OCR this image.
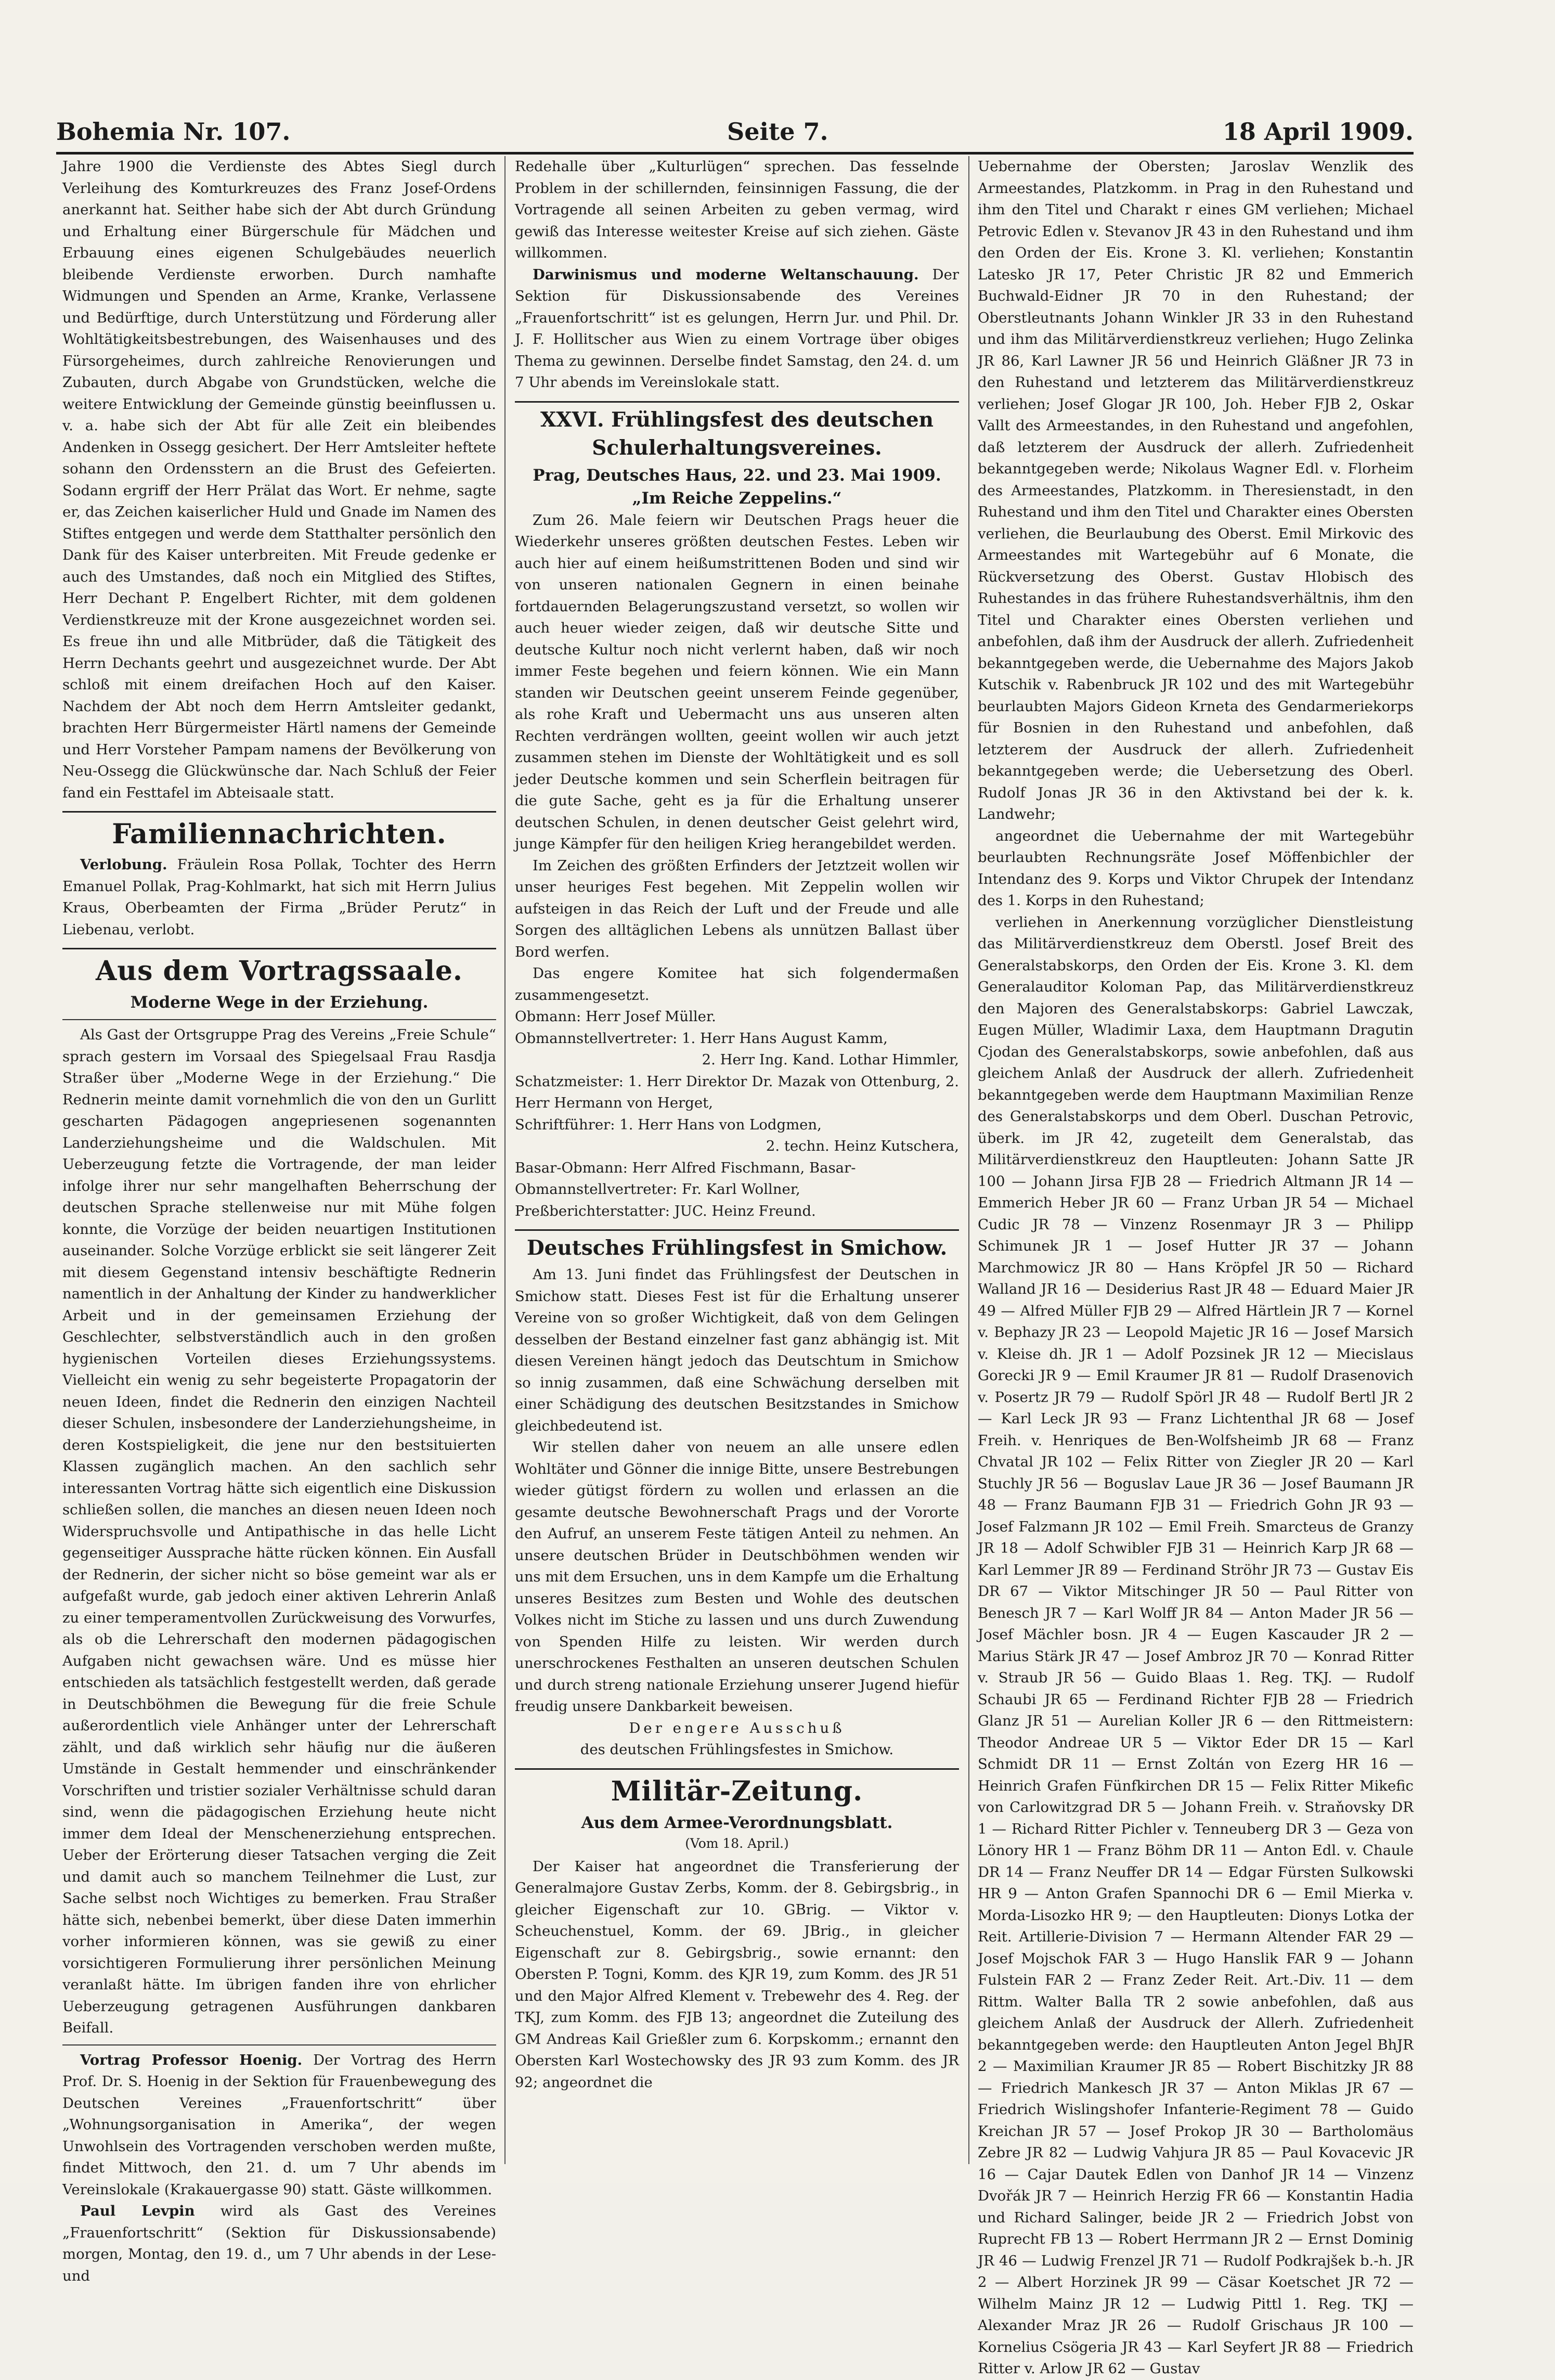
Bohemia Nr. 107.	Seite 7.	18 April 1909.

Jahre 1900 die Verdienste des Abtes Siegl durch Verleihung des Komturkreuzes des Franz Josef-Ordens anerkannt hat. Seither habe sich der Abt durch Gründung und Erhaltung einer Bürgerschule für Mädchen und Erbauung eines eigenen Schulgebäudes neuerlich bleibende Verdienste erworben. Durch namhafte Widmungen und Spenden an Arme, Kranke, Verlassene und Bedürftige, durch Unterstützung und Förderung aller Wohltätigkeitsbestrebungen, des Waisenhauses und des Fürsorgeheimes, durch zahlreiche Renovierungen und Zubauten, durch Abgabe von Grundstücken, welche die weitere Entwicklung der Gemeinde günstig beeinflussen u. v. a. habe sich der Abt für alle Zeit ein bleibendes Andenken in Ossegg gesichert. Der Herr Amtsleiter heftete sohann den Ordensstern an die Brust des Gefeierten. Sodann ergriff der Herr Prälat das Wort. Er nehme, sagte er, das Zeichen kaiserlicher Huld und Gnade im Namen des Stiftes entgegen und werde dem Statthalter persönlich den Dank für des Kaiser unterbreiten. Mit Freude gedenke er auch des Umstandes, daß noch ein Mitglied des Stiftes, Herr Dechant P. Engelbert Richter, mit dem goldenen Verdienstkreuze mit der Krone ausgezeichnet worden sei. Es freue ihn und alle Mitbrüder, daß die Tätigkeit des Herrn Dechants geehrt und ausgezeichnet wurde. Der Abt schloß mit einem dreifachen Hoch auf den Kaiser. Nachdem der Abt noch dem Herrn Amtsleiter gedankt, brachten Herr Bürgermeister Härtl namens der Gemeinde und Herr Vorsteher Pampam namens der Bevölkerung von Neu-Ossegg die Glückwünsche dar. Nach Schluß der Feier fand ein Festtafel im Abteisaale statt.

Familiennachrichten.

Verlobung. Fräulein Rosa Pollak, Tochter des Herrn Emanuel Pollak, Prag-Kohlmarkt, hat sich mit Herrn Julius Kraus, Oberbeamten der Firma „Brüder Perutz“ in Liebenau, verlobt.

Aus dem Vortragssaale.
Moderne Wege in der Erziehung.

Als Gast der Ortsgruppe Prag des Vereins „Freie Schule“ sprach gestern im Vorsaal des Spiegelsaal Frau Rasdja Straßer über „Moderne Wege in der Erziehung.“ Die Rednerin meinte damit vornehmlich die von den un Gurlitt gescharten Pädagogen angepriesenen sogenannten Landerziehungsheime und die Waldschulen. Mit Ueberzeugung fetzte die Vortragende, der man leider infolge ihrer nur sehr mangelhaften Beherrschung der deutschen Sprache stellenweise nur mit Mühe folgen konnte, die Vorzüge der beiden neuartigen Institutionen auseinander. Solche Vorzüge erblickt sie seit längerer Zeit mit diesem Gegenstand intensiv beschäftigte Rednerin namentlich in der Anhaltung der Kinder zu handwerklicher Arbeit und in der gemeinsamen Erziehung der Geschlechter, selbstverständlich auch in den großen hygienischen Vorteilen dieses Erziehungssystems. Vielleicht ein wenig zu sehr begeisterte Propagatorin der neuen Ideen, findet die Rednerin den einzigen Nachteil dieser Schulen, insbesondere der Landerziehungsheime, in deren Kostspieligkeit, die jene nur den bestsituierten Klassen zugänglich machen. An den sachlich sehr interessanten Vortrag hätte sich eigentlich eine Diskussion schließen sollen, die manches an diesen neuen Ideen noch Widerspruchsvolle und Antipathische in das helle Licht gegenseitiger Aussprache hätte rücken können. Ein Ausfall der Rednerin, der sicher nicht so böse gemeint war als er aufgefaßt wurde, gab jedoch einer aktiven Lehrerin Anlaß zu einer temperamentvollen Zurückweisung des Vorwurfes, als ob die Lehrerschaft den modernen pädagogischen Aufgaben nicht gewachsen wäre. Und es müsse hier entschieden als tatsächlich festgestellt werden, daß gerade in Deutschböhmen die Bewegung für die freie Schule außerordentlich viele Anhänger unter der Lehrerschaft zählt, und daß wirklich sehr häufig nur die äußeren Umstände in Gestalt hemmender und einschränkender Vorschriften und tristier sozialer Verhältnisse schuld daran sind, wenn die pädagogischen Erziehung heute nicht immer dem Ideal der Menschenerziehung entsprechen. Ueber der Erörterung dieser Tatsachen verging die Zeit und damit auch so manchem Teilnehmer die Lust, zur Sache selbst noch Wichtiges zu bemerken. Frau Straßer hätte sich, nebenbei bemerkt, über diese Daten immerhin vorher informieren können, was sie gewiß zu einer vorsichtigeren Formulierung ihrer persönlichen Meinung veranlaßt hätte. Im übrigen fanden ihre von ehrlicher Ueberzeugung getragenen Ausführungen dankbaren Beifall.

Vortrag Professor Hoenig. Der Vortrag des Herrn Prof. Dr. S. Hoenig in der Sektion für Frauenbewegung des Deutschen Vereines „Frauenfortschritt“ über „Wohnungsorganisation in Amerika“, der wegen Unwohlsein des Vortragenden verschoben werden mußte, findet Mittwoch, den 21. d. um 7 Uhr abends im Vereinslokale (Krakauergasse 90) statt. Gäste willkommen.

Paul Levpin wird als Gast des Vereines „Frauenfortschritt“ (Sektion für Diskussionsabende) morgen, Montag, den 19. d., um 7 Uhr abends in der Lese- und

Redehalle über „Kulturlügen“ sprechen. Das fesselnde Problem in der schillernden, feinsinnigen Fassung, die der Vortragende all seinen Arbeiten zu geben vermag, wird gewiß das Interesse weitester Kreise auf sich ziehen. Gäste willkommen.

Darwinismus und moderne Weltanschauung. Der Sektion für Diskussionsabende des Vereines „Frauenfortschritt“ ist es gelungen, Herrn Jur. und Phil. Dr. J. F. Hollitscher aus Wien zu einem Vortrage über obiges Thema zu gewinnen. Derselbe findet Samstag, den 24. d. um 7 Uhr abends im Vereinslokale statt.

XXVI. Frühlingsfest des deutschen Schulerhaltungsvereines.
Prag, Deutsches Haus, 22. und 23. Mai 1909.
„Im Reiche Zeppelins.“

Zum 26. Male feiern wir Deutschen Prags heuer die Wiederkehr unseres größten deutschen Festes. Leben wir auch hier auf einem heißumstrittenen Boden und sind wir von unseren nationalen Gegnern in einen beinahe fortdauernden Belagerungszustand versetzt, so wollen wir auch heuer wieder zeigen, daß wir deutsche Sitte und deutsche Kultur noch nicht verlernt haben, daß wir noch immer Feste begehen und feiern können. Wie ein Mann standen wir Deutschen geeint unserem Feinde gegenüber, als rohe Kraft und Uebermacht uns aus unseren alten Rechten verdrängen wollten, geeint wollen wir auch jetzt zusammen stehen im Dienste der Wohltätigkeit und es soll jeder Deutsche kommen und sein Scherflein beitragen für die gute Sache, geht es ja für die Erhaltung unserer deutschen Schulen, in denen deutscher Geist gelehrt wird, junge Kämpfer für den heiligen Krieg herangebildet werden.

Im Zeichen des größten Erfinders der Jetztzeit wollen wir unser heuriges Fest begehen. Mit Zeppelin wollen wir aufsteigen in das Reich der Luft und der Freude und alle Sorgen des alltäglichen Lebens als unnützen Ballast über Bord werfen.

Das engere Komitee hat sich folgendermaßen zusammengesetzt.

Obmann: Herr Josef Müller.

Obmannstellvertreter: 1. Herr Hans August Kamm,

2. Herr Ing. Kand. Lothar Himmler,

Schatzmeister: 1. Herr Direktor Dr. Mazak von Ottenburg, 2. Herr Hermann von Herget,

Schriftführer: 1. Herr Hans von Lodgmen,

2. techn. Heinz Kutschera,

Basar-Obmann: Herr Alfred Fischmann, Basar-

Obmannstellvertreter: Fr. Karl Wollner,

Preßberichterstatter: JUC. Heinz Freund.

Deutsches Frühlingsfest in Smichow.

Am 13. Juni findet das Frühlingsfest der Deutschen in Smichow statt. Dieses Fest ist für die Erhaltung unserer Vereine von so großer Wichtigkeit, daß von dem Gelingen desselben der Bestand einzelner fast ganz abhängig ist. Mit diesen Vereinen hängt jedoch das Deutschtum in Smichow so innig zusammen, daß eine Schwächung derselben mit einer Schädigung des deutschen Besitzstandes in Smichow gleichbedeutend ist.

Wir stellen daher von neuem an alle unsere edlen Wohltäter und Gönner die innige Bitte, unsere Bestrebungen wieder gütigst fördern zu wollen und erlassen an die gesamte deutsche Bewohnerschaft Prags und der Vororte den Aufruf, an unserem Feste tätigen Anteil zu nehmen. An unsere deutschen Brüder in Deutschböhmen wenden wir uns mit dem Ersuchen, uns in dem Kampfe um die Erhaltung unseres Besitzes zum Besten und Wohle des deutschen Volkes nicht im Stiche zu lassen und uns durch Zuwendung von Spenden Hilfe zu leisten. Wir werden durch unerschrockenes Festhalten an unseren deutschen Schulen und durch streng nationale Erziehung unserer Jugend hiefür freudig unsere Dankbarkeit beweisen.

Der engere Ausschuß

des deutschen Frühlingsfestes in Smichow.

Militär-Zeitung.
Aus dem Armee-Verordnungsblatt.
(Vom 18. April.)

Der Kaiser hat angeordnet die Transferierung der Generalmajore Gustav Zerbs, Komm. der 8. Gebirgsbrig., in gleicher Eigenschaft zur 10. GBrig. — Viktor v. Scheuchenstuel, Komm. der 69. JBrig., in gleicher Eigenschaft zur 8. Gebirgsbrig., sowie ernannt: den Obersten P. Togni, Komm. des KJR 19, zum Komm. des JR 51 und den Major Alfred Klement v. Trebewehr des 4. Reg. der TKJ, zum Komm. des FJB 13; angeordnet die Zuteilung des GM Andreas Kail Grießler zum 6. Korpskomm.; ernannt den Obersten Karl Wostechowsky des JR 93 zum Komm. des JR 92; angeordnet die

Uebernahme der Obersten; Jaroslav Wenzlik des Armeestandes, Platzkomm. in Prag in den Ruhestand und ihm den Titel und Charakt r eines GM verliehen; Michael Petrovic Edlen v. Stevanov JR 43 in den Ruhestand und ihm den Orden der Eis. Krone 3. Kl. verliehen; Konstantin Latesko JR 17, Peter Christic JR 82 und Emmerich Buchwald-Eidner JR 70 in den Ruhestand; der Oberstleutnants Johann Winkler JR 33 in den Ruhestand und ihm das Militärverdienstkreuz verliehen; Hugo Zelinka JR 86, Karl Lawner JR 56 und Heinrich Gläßner JR 73 in den Ruhestand und letzterem das Militärverdienstkreuz verliehen; Josef Glogar JR 100, Joh. Heber FJB 2, Oskar Vallt des Armeestandes, in den Ruhestand und angefohlen, daß letzterem der Ausdruck der allerh. Zufriedenheit bekanntgegeben werde; Nikolaus Wagner Edl. v. Florheim des Armeestandes, Platzkomm. in Theresienstadt, in den Ruhestand und ihm den Titel und Charakter eines Obersten verliehen, die Beurlaubung des Oberst. Emil Mirkovic des Armeestandes mit Wartegebühr auf 6 Monate, die Rückversetzung des Oberst. Gustav Hlobisch des Ruhestandes in das frühere Ruhestandsverhältnis, ihm den Titel und Charakter eines Obersten verliehen und anbefohlen, daß ihm der Ausdruck der allerh. Zufriedenheit bekanntgegeben werde, die Uebernahme des Majors Jakob Kutschik v. Rabenbruck JR 102 und des mit Wartegebühr beurlaubten Majors Gideon Krneta des Gendarmeriekorps für Bosnien in den Ruhestand und anbefohlen, daß letzterem der Ausdruck der allerh. Zufriedenheit bekanntgegeben werde; die Uebersetzung des Oberl. Rudolf Jonas JR 36 in den Aktivstand bei der k. k. Landwehr;

angeordnet die Uebernahme der mit Wartegebühr beurlaubten Rechnungsräte Josef Möffenbichler der Intendanz des 9. Korps und Viktor Chrupek der Intendanz des 1. Korps in den Ruhestand;

verliehen in Anerkennung vorzüglicher Dienstleistung das Militärverdienstkreuz dem Oberstl. Josef Breit des Generalstabskorps, den Orden der Eis. Krone 3. Kl. dem Generalauditor Koloman Pap, das Militärverdienstkreuz den Majoren des Generalstabskorps: Gabriel Lawczak, Eugen Müller, Wladimir Laxa, dem Hauptmann Dragutin Cjodan des Generalstabskorps, sowie anbefohlen, daß aus gleichem Anlaß der Ausdruck der allerh. Zufriedenheit bekanntgegeben werde dem Hauptmann Maximilian Renze des Generalstabskorps und dem Oberl. Duschan Petrovic, überk. im JR 42, zugeteilt dem Generalstab, das Militärverdienstkreuz den Hauptleuten: Johann Satte JR 100 — Johann Jirsa FJB 28 — Friedrich Altmann JR 14 — Emmerich Heber JR 60 — Franz Urban JR 54 — Michael Cudic JR 78 — Vinzenz Rosenmayr JR 3 — Philipp Schimunek JR 1 — Josef Hutter JR 37 — Johann Marchmowicz JR 80 — Hans Kröpfel JR 50 — Richard Walland JR 16 — Desiderius Rast JR 48 — Eduard Maier JR 49 — Alfred Müller FJB 29 — Alfred Härtlein JR 7 — Kornel v. Bephazy JR 23 — Leopold Majetic JR 16 — Josef Marsich v. Kleise dh. JR 1 — Adolf Pozsinek JR 12 — Miecislaus Gorecki JR 9 — Emil Kraumer JR 81 — Rudolf Drasenovich v. Posertz JR 79 — Rudolf Spörl JR 48 — Rudolf Bertl JR 2 — Karl Leck JR 93 — Franz Lichtenthal JR 68 — Josef Freih. v. Henriques de Ben-Wolfsheimb JR 68 — Franz Chvatal JR 102 — Felix Ritter von Ziegler JR 20 — Karl Stuchly JR 56 — Boguslav Laue JR 36 — Josef Baumann JR 48 — Franz Baumann FJB 31 — Friedrich Gohn JR 93 — Josef Falzmann JR 102 — Emil Freih. Smarcteus de Granzy JR 18 — Adolf Schwibler FJB 31 — Heinrich Karp JR 68 — Karl Lemmer JR 89 — Ferdinand Ströhr JR 73 — Gustav Eis DR 67 — Viktor Mitschinger JR 50 — Paul Ritter von Benesch JR 7 — Karl Wolff JR 84 — Anton Mader JR 56 — Josef Mächler bosn. JR 4 — Eugen Kascauder JR 2 — Marius Stärk JR 47 — Josef Ambroz JR 70 — Konrad Ritter v. Straub JR 56 — Guido Blaas 1. Reg. TKJ. — Rudolf Schaubi JR 65 — Ferdinand Richter FJB 28 — Friedrich Glanz JR 51 — Aurelian Koller JR 6 — den Rittmeistern: Theodor Andreae UR 5 — Viktor Eder DR 15 — Karl Schmidt DR 11 — Ernst Zoltán von Ezerg HR 16 — Heinrich Grafen Fünfkirchen DR 15 — Felix Ritter Mikefic von Carlowitzgrad DR 5 — Johann Freih. v. Straňovsky DR 1 — Richard Ritter Pichler v. Tenneuberg DR 3 — Geza von Lönory HR 1 — Franz Böhm DR 11 — Anton Edl. v. Chaule DR 14 — Franz Neuffer DR 14 — Edgar Fürsten Sulkowski HR 9 — Anton Grafen Spannochi DR 6 — Emil Mierka v. Morda-Lisozko HR 9; — den Hauptleuten: Dionys Lotka der Reit. Artillerie-Division 7 — Hermann Altender FAR 29 — Josef Mojschok FAR 3 — Hugo Hanslik FAR 9 — Johann Fulstein FAR 2 — Franz Zeder Reit. Art.-Div. 11 — dem Rittm. Walter Balla TR 2 sowie anbefohlen, daß aus gleichem Anlaß der Ausdruck der Allerh. Zufriedenheit bekanntgegeben werde: den Hauptleuten Anton Jegel BhJR 2 — Maximilian Kraumer JR 85 — Robert Bischitzky JR 88 — Friedrich Mankesch JR 37 — Anton Miklas JR 67 — Friedrich Wislingshofer Infanterie-Regiment 78 — Guido Kreichan JR 57 — Josef Prokop JR 30 — Bartholomäus Zebre JR 82 — Ludwig Vahjura JR 85 — Paul Kovacevic JR 16 — Cajar Dautek Edlen von Danhof JR 14 — Vinzenz Dvořák JR 7 — Heinrich Herzig FR 66 — Konstantin Hadia und Richard Salinger, beide JR 2 — Friedrich Jobst von Ruprecht FB 13 — Robert Herrmann JR 2 — Ernst Dominig JR 46 — Ludwig Frenzel JR 71 — Rudolf Podkrajšek b.-h. JR 2 — Albert Horzinek JR 99 — Cäsar Koetschet JR 72 — Wilhelm Mainz JR 12 — Ludwig Pittl 1. Reg. TKJ — Alexander Mraz JR 26 — Rudolf Grischaus JR 100 — Kornelius Csögeria JR 43 — Karl Seyfert JR 88 — Friedrich Ritter v. Arlow JR 62 — Gustav
